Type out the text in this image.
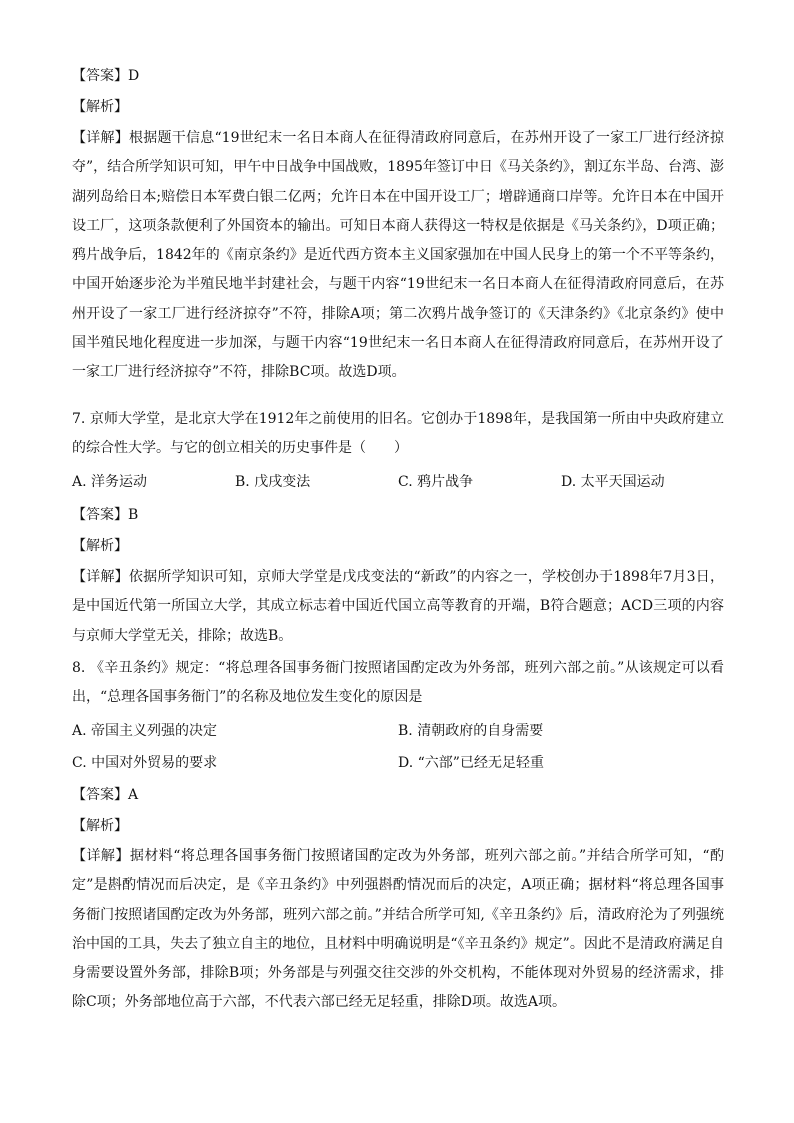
【答案】D
【解析】
【详解】根据题干信息“19世纪末一名日本商人在征得清政府同意后，在苏州开设了一家工厂进行经济掠夺”，结合所学知识可知，甲午中日战争中国战败，1895年签订中日《马关条约》，割辽东半岛、台湾、澎湖列岛给日本;赔偿日本军费白银二亿两；允许日本在中国开设工厂；增辟通商口岸等。允许日本在中国开设工厂，这项条款便利了外国资本的输出。可知日本商人获得这一特权是依据是《马关条约》，D项正确；鸦片战争后，1842年的《南京条约》是近代西方资本主义国家强加在中国人民身上的第一个不平等条约，中国开始逐步沦为半殖民地半封建社会，与题干内容“19世纪末一名日本商人在征得清政府同意后，在苏州开设了一家工厂进行经济掠夺”不符，排除A项；第二次鸦片战争签订的《天津条约》《北京条约》使中国半殖民地化程度进一步加深，与题干内容“19世纪末一名日本商人在征得清政府同意后，在苏州开设了一家工厂进行经济掠夺”不符，排除BC项。故选D项。
7. 京师大学堂，是北京大学在1912年之前使用的旧名。它创办于1898年，是我国第一所由中央政府建立的综合性大学。与它的创立相关的历史事件是（　　）
A. 洋务运动	B. 戊戌变法	C. 鸦片战争	D. 太平天国运动
【答案】B
【解析】
【详解】依据所学知识可知，京师大学堂是戊戌变法的“新政”的内容之一，学校创办于1898年7月3日，是中国近代第一所国立大学，其成立标志着中国近代国立高等教育的开端，B符合题意；ACD三项的内容与京师大学堂无关，排除；故选B。
8. 《辛丑条约》规定：“将总理各国事务衙门按照诸国酌定改为外务部，班列六部之前。”从该规定可以看出，“总理各国事务衙门”的名称及地位发生变化的原因是
A. 帝国主义列强的决定	B. 清朝政府的自身需要
C. 中国对外贸易的要求	D. “六部”已经无足轻重
【答案】A
【解析】
【详解】据材料“将总理各国事务衙门按照诸国酌定改为外务部，班列六部之前。”并结合所学可知，“酌定”是斟酌情况而后决定，是《辛丑条约》中列强斟酌情况而后的决定，A项正确；据材料“将总理各国事务衙门按照诸国酌定改为外务部，班列六部之前。”并结合所学可知,《辛丑条约》后，清政府沦为了列强统治中国的工具，失去了独立自主的地位，且材料中明确说明是“《辛丑条约》规定”。因此不是清政府满足自身需要设置外务部，排除B项；外务部是与列强交往交涉的外交机构，不能体现对外贸易的经济需求，排除C项；外务部地位高于六部，不代表六部已经无足轻重，排除D项。故选A项。
